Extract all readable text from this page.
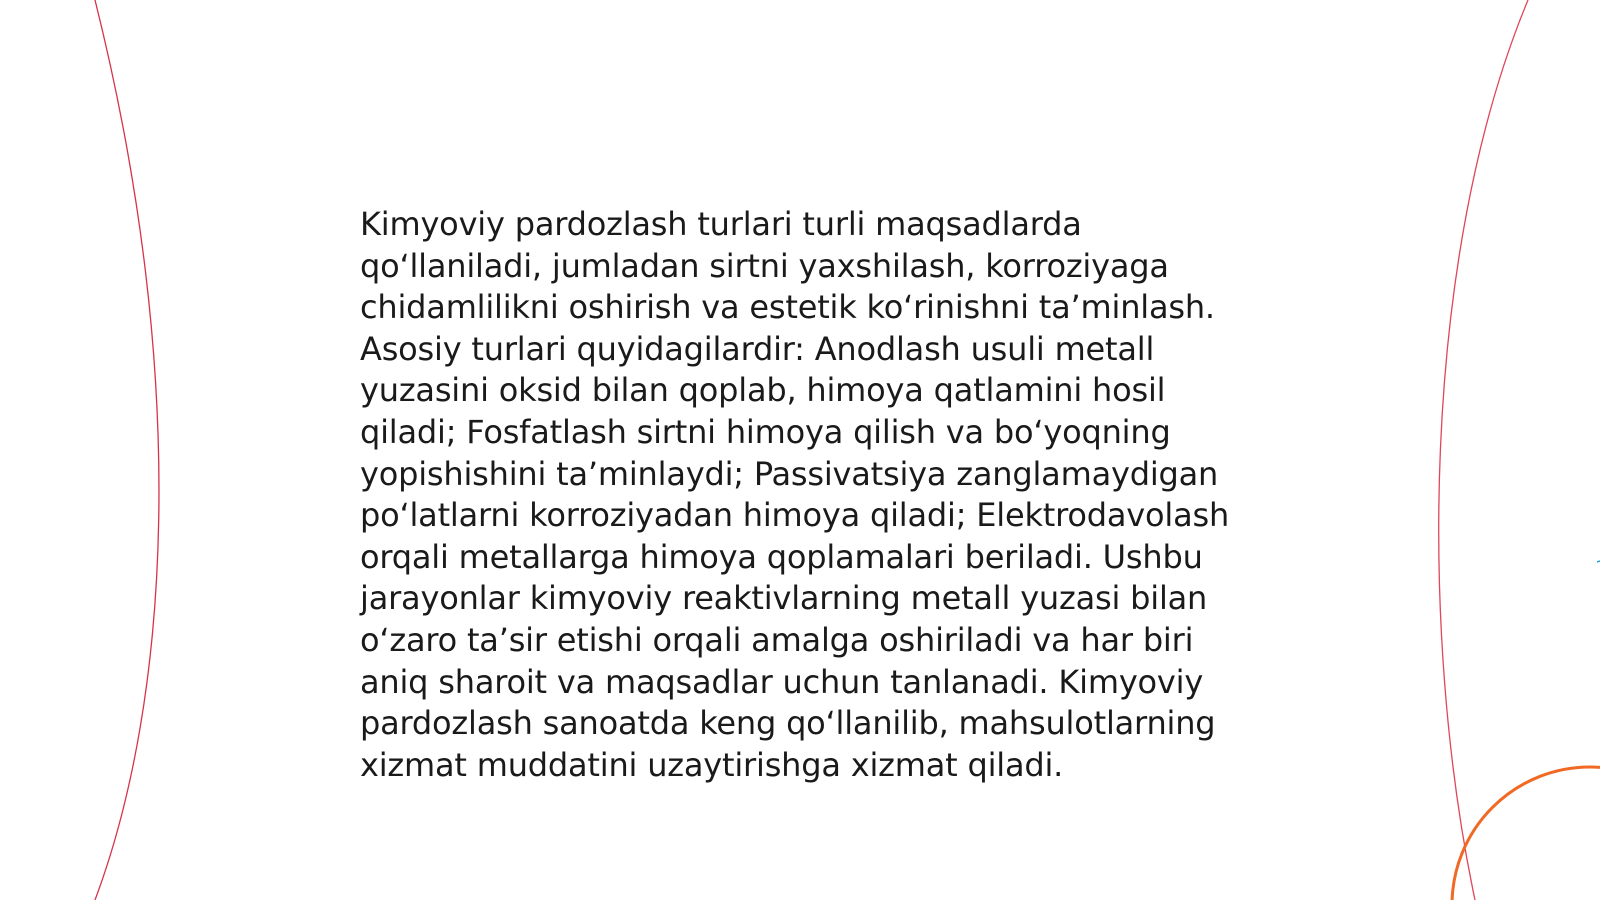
Kimyoviy pardozlash turlari turli maqsadlarda qoʻllaniladi, jumladan sirtni yaxshilash, korroziyaga chidamlilikni oshirish va estetik koʻrinishni taʼminlash. Asosiy turlari quyidagilardir: Anodlash usuli metall yuzasini oksid bilan qoplab, himoya qatlamini hosil qiladi; Fosfatlash sirtni himoya qilish va boʻyoqning yopishishini taʼminlaydi; Passivatsiya zanglamaydigan poʻlatlarni korroziyadan himoya qiladi; Elektrodavolash orqali metallarga himoya qoplamalari beriladi. Ushbu jarayonlar kimyoviy reaktivlarning metall yuzasi bilan oʻzaro taʼsir etishi orqali amalga oshiriladi va har biri aniq sharoit va maqsadlar uchun tanlanadi. Kimyoviy pardozlash sanoatda keng qoʻllanilib, mahsulotlarning xizmat muddatini uzaytirishga xizmat qiladi.
